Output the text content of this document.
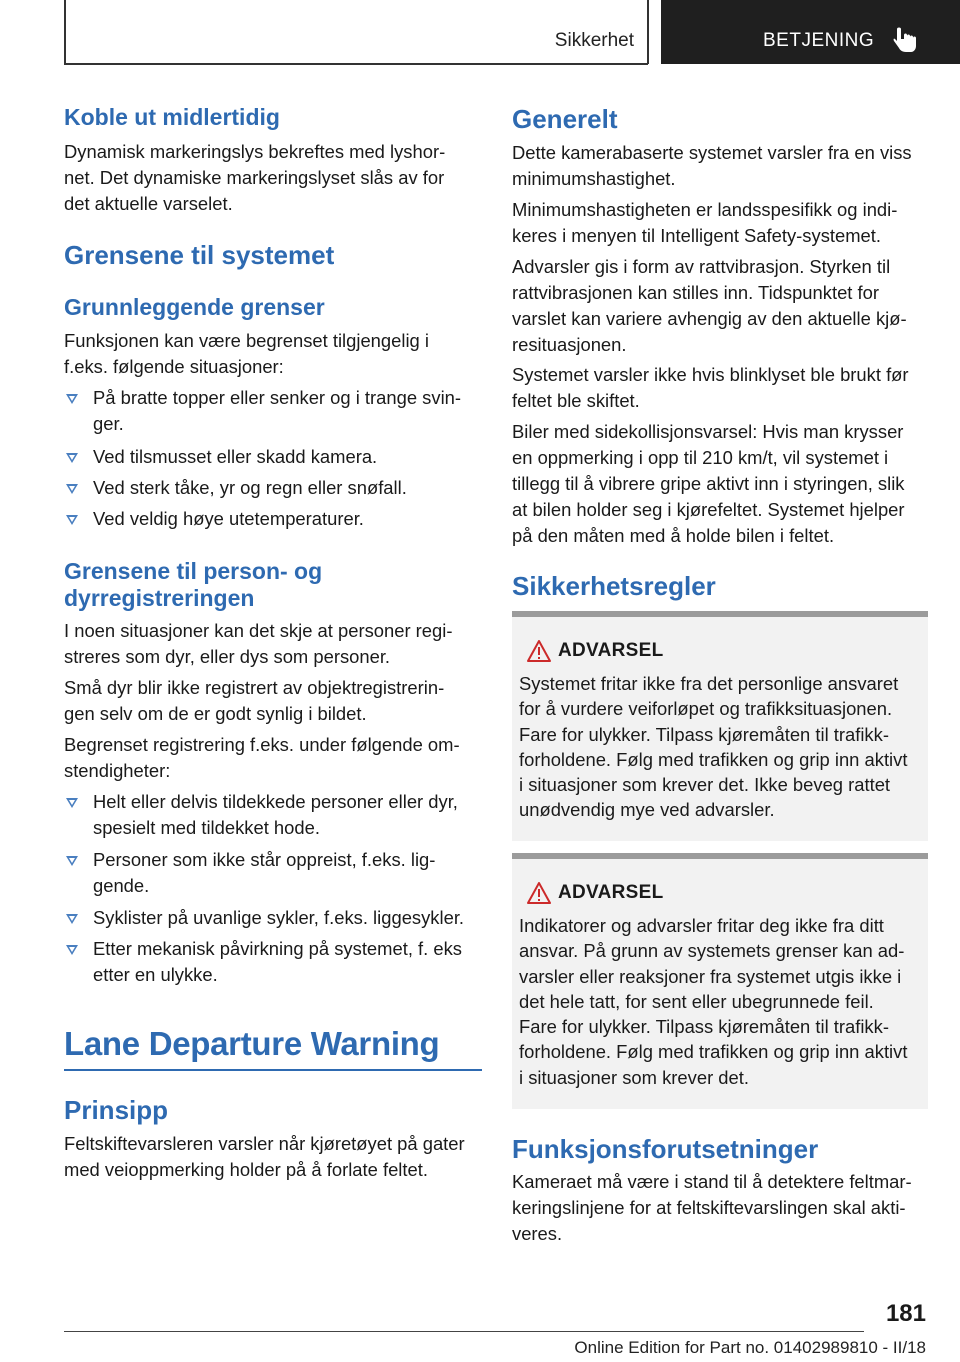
Sikkerhet	BETJENING
Koble ut midlertidig
Dynamisk markeringslys bekreftes med lyshor-
net. Det dynamiske markeringslyset slås av for
det aktuelle varselet.
Grensene til systemet
Grunnleggende grenser
Funksjonen kan være begrenset tilgjengelig i
f.eks. følgende situasjoner:
På bratte topper eller senker og i trange svin-
ger.
Ved tilsmusset eller skadd kamera.
Ved sterk tåke, yr og regn eller snøfall.
Ved veldig høye utetemperaturer.
Grensene til person- og
dyrregistreringen
I noen situasjoner kan det skje at personer regi-
streres som dyr, eller dys som personer.
Små dyr blir ikke registrert av objektregistrerin-
gen selv om de er godt synlig i bildet.
Begrenset registrering f.eks. under følgende om-
stendigheter:
Helt eller delvis tildekkede personer eller dyr,
spesielt med tildekket hode.
Personer som ikke står oppreist, f.eks. lig-
gende.
Syklister på uvanlige sykler, f.eks. liggesykler.
Etter mekanisk påvirkning på systemet, f. eks
etter en ulykke.
Lane Departure Warning
Prinsipp
Feltskiftevarsleren varsler når kjøretøyet på gater
med veioppmerking holder på å forlate feltet.
Generelt
Dette kamerabaserte systemet varsler fra en viss
minimumshastighet.
Minimumshastigheten er landsspesifikk og indi-
keres i menyen til Intelligent Safety-systemet.
Advarsler gis i form av rattvibrasjon. Styrken til
rattvibrasjonen kan stilles inn. Tidspunktet for
varslet kan variere avhengig av den aktuelle kjø-
resituasjonen.
Systemet varsler ikke hvis blinklyset ble brukt før
feltet ble skiftet.
Biler med sidekollisjonsvarsel: Hvis man krysser
en oppmerking i opp til 210 km/t, vil systemet i
tillegg til å vibrere gripe aktivt inn i styringen, slik
at bilen holder seg i kjørefeltet. Systemet hjelper
på den måten med å holde bilen i feltet.
Sikkerhetsregler
ADVARSEL
Systemet fritar ikke fra det personlige ansvaret
for å vurdere veiforløpet og trafikksituasjonen.
Fare for ulykker. Tilpass kjøremåten til trafikk-
forholdene. Følg med trafikken og grip inn aktivt
i situasjoner som krever det. Ikke beveg rattet
unødvendig mye ved advarsler.
ADVARSEL
Indikatorer og advarsler fritar deg ikke fra ditt
ansvar. På grunn av systemets grenser kan ad-
varsler eller reaksjoner fra systemet utgis ikke i
det hele tatt, for sent eller ubegrunnede feil.
Fare for ulykker. Tilpass kjøremåten til trafikk-
forholdene. Følg med trafikken og grip inn aktivt
i situasjoner som krever det.
Funksjonsforutsetninger
Kameraet må være i stand til å detektere feltmar-
keringslinjene for at feltskiftevarslingen skal akti-
veres.
181
Online Edition for Part no. 01402989810 - II/18
